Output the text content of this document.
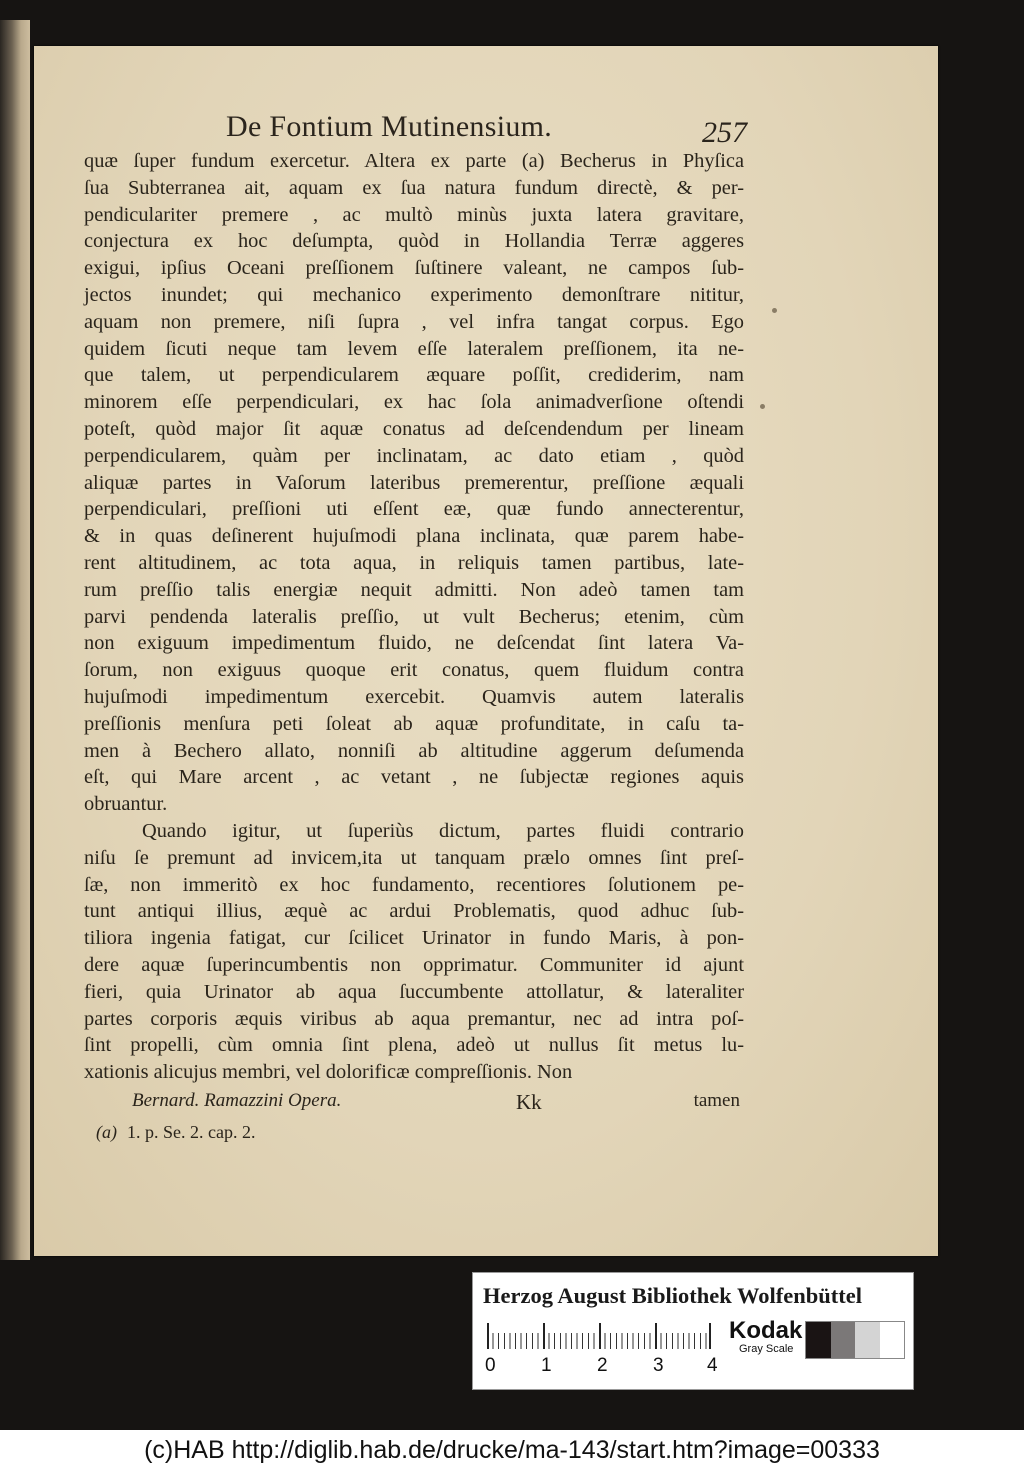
De Fontium Mutinensium.	257
quæ ſuper fundum exercetur. Altera ex parte (a) Becherus in Phyſica
ſua Subterranea ait, aquam ex ſua natura fundum directè, & per-
pendiculariter premere , ac multò minùs juxta latera gravitare,
conjectura ex hoc deſumpta, quòd in Hollandia Terræ aggeres
exigui, ipſius Oceani preſſionem ſuſtinere valeant, ne campos ſub-
jectos inundet; qui mechanico experimento demonſtrare nititur,
aquam non premere, niſi ſupra , vel infra tangat corpus. Ego
quidem ſicuti neque tam levem eſſe lateralem preſſionem, ita ne-
que talem, ut perpendicularem æquare poſſit, crediderim, nam
minorem eſſe perpendiculari, ex hac ſola animadverſione oſtendi
poteſt, quòd major ſit aquæ conatus ad deſcendendum per lineam
perpendicularem, quàm per inclinatam, ac dato etiam , quòd
aliquæ partes in Vaſorum lateribus premerentur, preſſione æquali
perpendiculari, preſſioni uti eſſent eæ, quæ fundo annecterentur,
& in quas deſinerent hujuſmodi plana inclinata, quæ parem habe-
rent altitudinem, ac tota aqua, in reliquis tamen partibus, late-
rum preſſio talis energiæ nequit admitti. Non adeò tamen tam
parvi pendenda lateralis preſſio, ut vult Becherus; etenim, cùm
non exiguum impedimentum fluido, ne deſcendat ſint latera Va-
ſorum, non exiguus quoque erit conatus, quem fluidum contra
hujuſmodi impedimentum exercebit. Quamvis autem lateralis
preſſionis menſura peti ſoleat ab aquæ profunditate, in caſu ta-
men à Bechero allato, nonniſi ab altitudine aggerum deſumenda
eſt, qui Mare arcent , ac vetant , ne ſubjectæ regiones aquis
obruantur.
Quando igitur, ut ſuperiùs dictum, partes fluidi contrario
niſu ſe premunt ad invicem,ita ut tanquam prælo omnes ſint preſ-
ſæ, non immeritò ex hoc fundamento, recentiores ſolutionem pe-
tunt antiqui illius, æquè ac ardui Problematis, quod adhuc ſub-
tiliora ingenia fatigat, cur ſcilicet Urinator in fundo Maris, à pon-
dere aquæ ſuperincumbentis non opprimatur. Communiter id ajunt
fieri, quia Urinator ab aqua ſuccumbente attollatur, & lateraliter
partes corporis æquis viribus ab aqua premantur, nec ad intra poſ-
ſint propelli, cùm omnia ſint plena, adeò ut nullus ſit metus lu-
xationis alicujus membri, vel dolorificæ compreſſionis. Non
Bernard. Ramazzini Opera.	Kk	tamen
(a) 1. p. Se. 2. cap. 2.
Herzog August Bibliothek Wolfenbüttel
0 1 2 3 4
Kodak
Gray Scale
(c)HAB http://diglib.hab.de/drucke/ma-143/start.htm?image=00333
